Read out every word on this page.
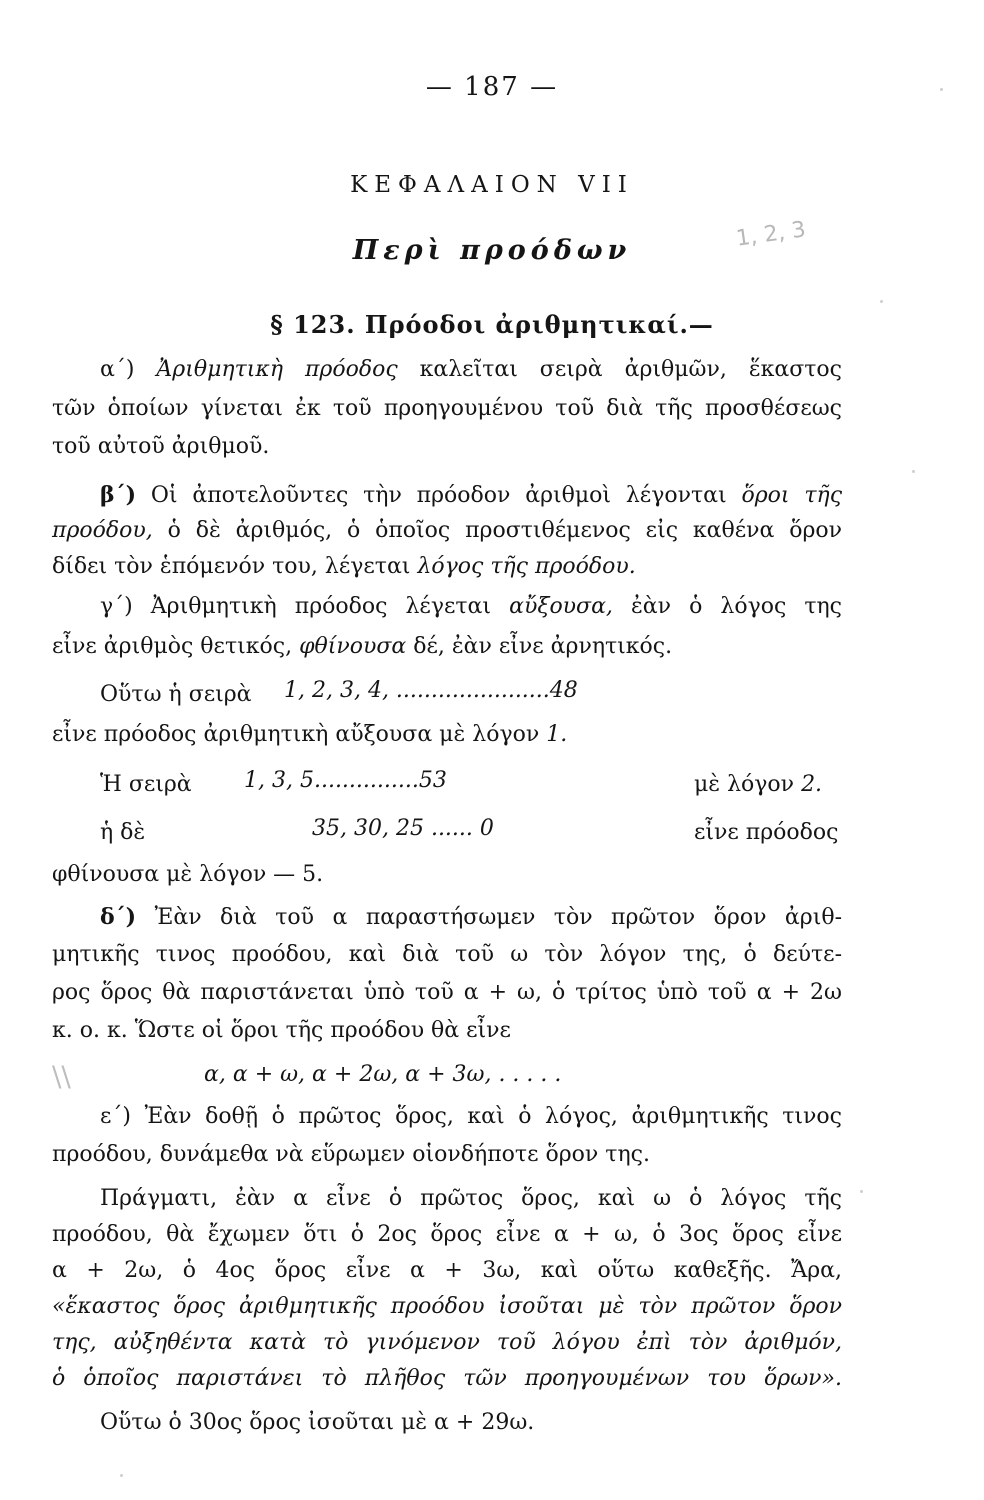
— 187 —
ΚΕΦΑΛΑΙΟΝ VII
Περὶ προόδων	1, 2, 3
§ 123. Πρόοδοι ἀριθμητικαί.—
α΄) Ἀριθμητικὴ πρόοδος καλεῖται σειρὰ ἀριθμῶν, ἕκαστος
τῶν ὁποίων γίνεται ἐκ τοῦ προηγουμένου τοῦ διὰ τῆς προσθέσεως
τοῦ αὐτοῦ ἀριθμοῦ.
β΄) Οἱ ἀποτελοῦντες τὴν πρόοδον ἀριθμοὶ λέγονται ὅροι τῆς
προόδου, ὁ δὲ ἀριθμός, ὁ ὁποῖος προστιθέμενος εἰς καθένα ὅρον
δίδει τὸν ἑπόμενόν του, λέγεται λόγος τῆς προόδου.
γ΄) Ἀριθμητικὴ πρόοδος λέγεται αὔξουσα, ἐὰν ὁ λόγος της
εἶνε ἀριθμὸς θετικός, φθίνουσα δέ, ἐὰν εἶνε ἀρνητικός.
Οὕτω ἡ σειρὰ 1, 2, 3, 4, ......................48
εἶνε πρόοδος ἀριθμητικὴ αὔξουσα μὲ λόγον 1.
Ἡ σειρὰ 1, 3, 5...............53	μὲ λόγον 2.
ἡ δὲ	35, 30, 25 ...... 0	εἶνε πρόοδος
φθίνουσα μὲ λόγον — 5.
δ΄) Ἐὰν διὰ τοῦ α παραστήσωμεν τὸν πρῶτον ὅρον ἀριθ-
μητικῆς τινος προόδου, καὶ διὰ τοῦ ω τὸν λόγον της, ὁ δεύτε-
ρος ὅρος θὰ παριστάνεται ὑπὸ τοῦ α + ω, ὁ τρίτος ὑπὸ τοῦ α + 2ω
κ. ο. κ. Ὥστε οἱ ὅροι τῆς προόδου θὰ εἶνε
α, α + ω, α + 2ω, α + 3ω, . . . . .
\\
ε΄) Ἐὰν δοθῇ ὁ πρῶτος ὅρος, καὶ ὁ λόγος, ἀριθμητικῆς τινος
προόδου, δυνάμεθα νὰ εὕρωμεν οἱονδήποτε ὅρον της.
Πράγματι, ἐὰν α εἶνε ὁ πρῶτος ὅρος, καὶ ω ὁ λόγος τῆς
προόδου, θὰ ἔχωμεν ὅτι ὁ 2ος ὅρος εἶνε α + ω, ὁ 3ος ὅρος εἶνε
α + 2ω, ὁ 4ος ὅρος εἶνε α + 3ω, καὶ οὕτω καθεξῆς. Ἄρα,
«ἕκαστος ὅρος ἀριθμητικῆς προόδου ἰσοῦται μὲ τὸν πρῶτον ὅρον
της, αὐξηθέντα κατὰ τὸ γινόμενον τοῦ λόγου ἐπὶ τὸν ἀριθμόν,
ὁ ὁποῖος παριστάνει τὸ πλῆθος τῶν προηγουμένων του ὅρων».
Οὕτω ὁ 30ος ὅρος ἰσοῦται μὲ α + 29ω.
